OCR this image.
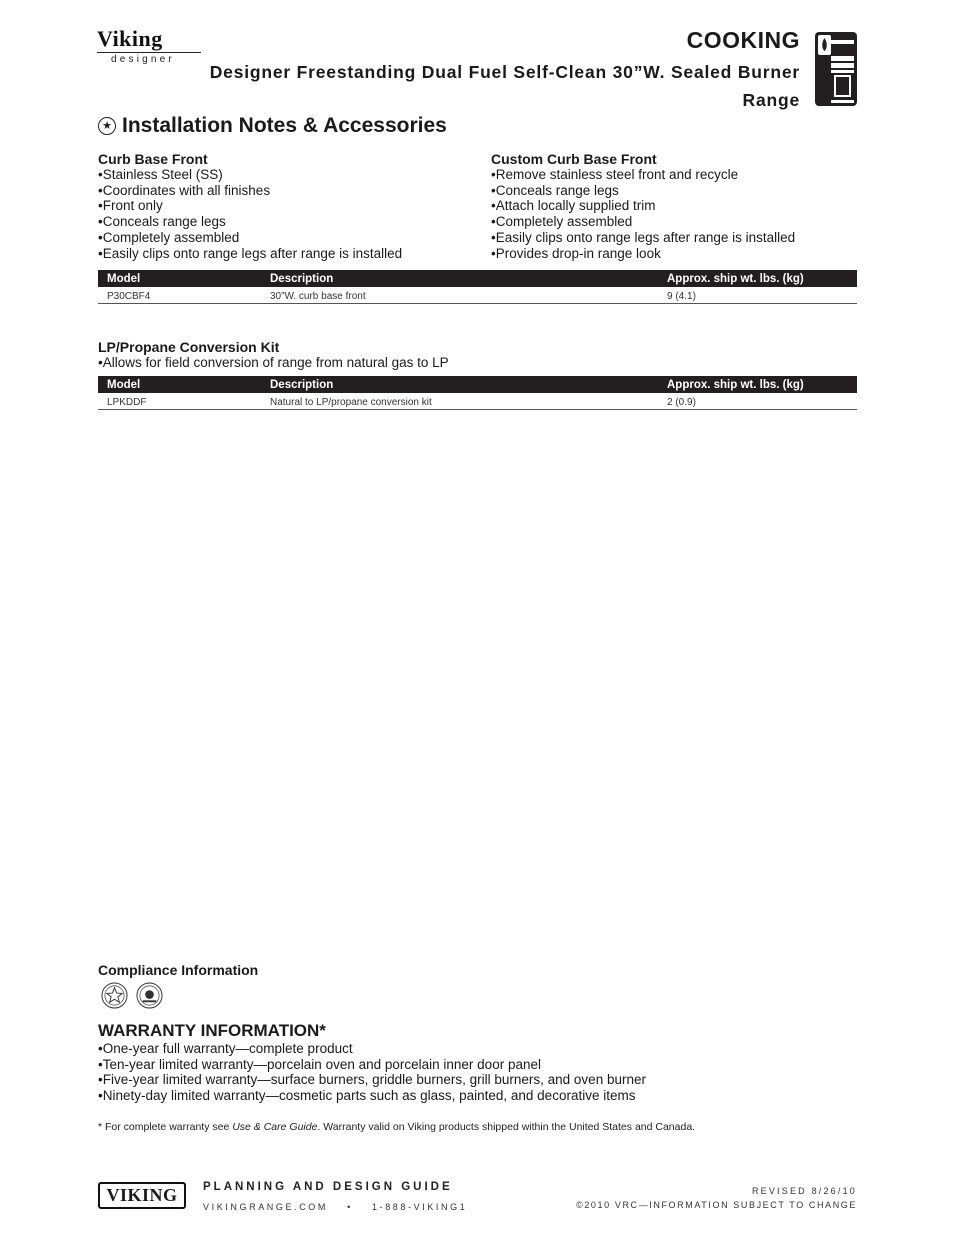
Viking
designer
COOKING
Designer Freestanding Dual Fuel Self-Clean 30”W. Sealed Burner Range
★ Installation Notes & Accessories
Curb Base Front
• Stainless Steel (SS)
• Coordinates with all finishes
• Front only
• Conceals range legs
• Completely assembled
• Easily clips onto range legs after range is installed
Custom Curb Base Front
• Remove stainless steel front and recycle
• Conceals range legs
• Attach locally supplied trim
• Completely assembled
• Easily clips onto range legs after range is installed
• Provides drop-in range look
Model	Description	Approx. ship wt. lbs. (kg)
P30CBF4	30”W. curb base front	9 (4.1)
LP/Propane Conversion Kit
• Allows for field conversion of range from natural gas to LP
Model	Description	Approx. ship wt. lbs. (kg)
LPKDDF	Natural to LP/propane conversion kit	2 (0.9)
Compliance Information
WARRANTY INFORMATION*
• One-year full warranty—complete product
• Ten-year limited warranty—porcelain oven and porcelain inner door panel
• Five-year limited warranty—surface burners, griddle burners, grill burners, and oven burner
• Ninety-day limited warranty—cosmetic parts such as glass, painted, and decorative items
* For complete warranty see Use & Care Guide. Warranty valid on Viking products shipped within the United States and Canada.
VIKING	PLANNING AND DESIGN GUIDE
VIKINGRANGE.COM • 1-888-VIKING1
REVISED 8/26/10
©2010 VRC—INFORMATION SUBJECT TO CHANGE
